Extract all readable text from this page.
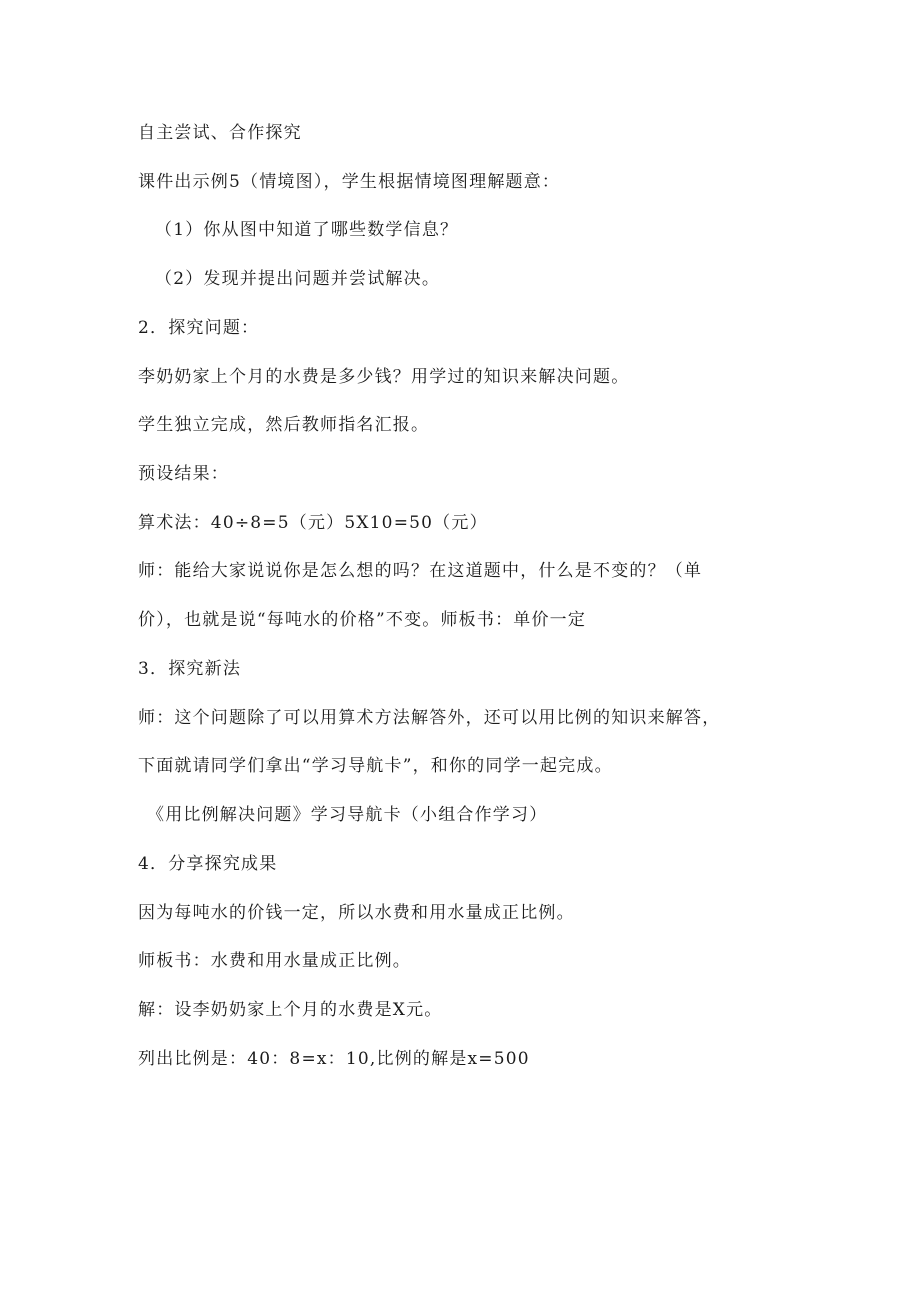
自主尝试、合作探究
课件出示例5（情境图），学生根据情境图理解题意：
（1）你从图中知道了哪些数学信息？
（2）发现并提出问题并尝试解决。
2．探究问题：
李奶奶家上个月的水费是多少钱？用学过的知识来解决问题。
学生独立完成，然后教师指名汇报。
预设结果：
算术法：40÷8=5（元）5X10=50（元）
师：能给大家说说你是怎么想的吗？在这道题中，什么是不变的？（单
价），也就是说“每吨水的价格”不变。师板书：单价一定
3．探究新法
师：这个问题除了可以用算术方法解答外，还可以用比例的知识来解答，
下面就请同学们拿出“学习导航卡”，和你的同学一起完成。
《用比例解决问题》学习导航卡（小组合作学习）
4．分享探究成果
因为每吨水的价钱一定，所以水费和用水量成正比例。
师板书：水费和用水量成正比例。
解：设李奶奶家上个月的水费是X元。
列出比例是：40：8=x：10,比例的解是x=500
